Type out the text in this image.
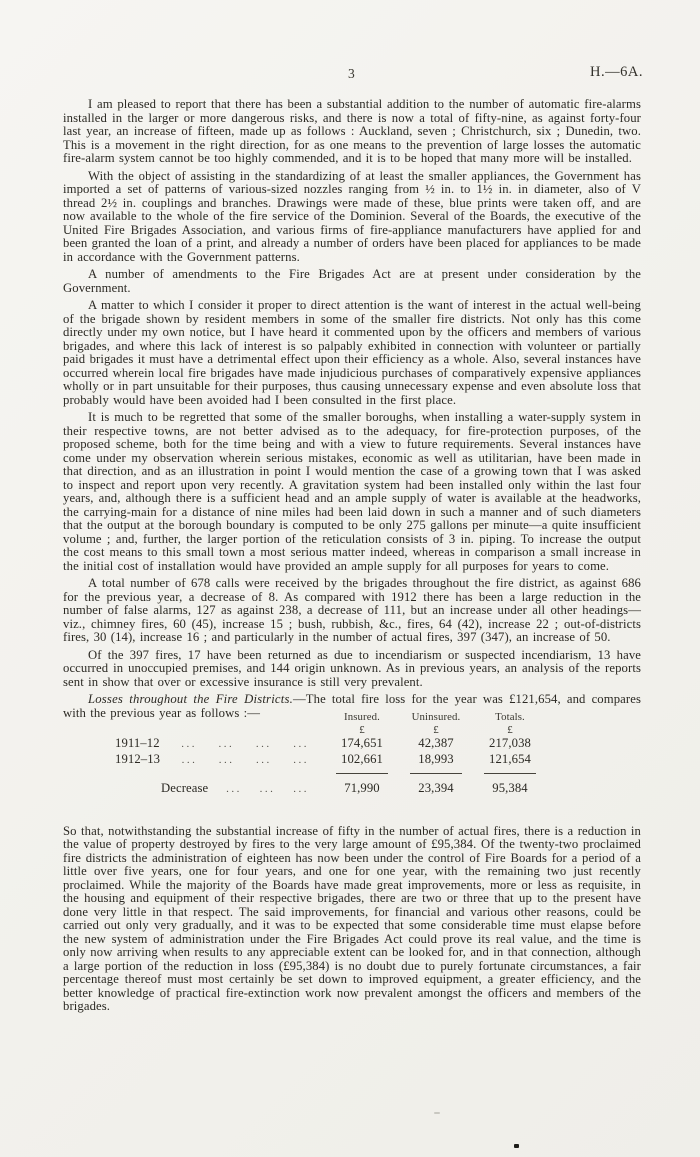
3	H.—6A.

I am pleased to report that there has been a substantial addition to the number of automatic fire-alarms installed in the larger or more dangerous risks, and there is now a total of fifty-nine, as against forty-four last year, an increase of fifteen, made up as follows : Auckland, seven ; Christchurch, six ; Dunedin, two. This is a movement in the right direction, for as one means to the prevention of large losses the automatic fire-alarm system cannot be too highly commended, and it is to be hoped that many more will be installed.

With the object of assisting in the standardizing of at least the smaller appliances, the Government has imported a set of patterns of various-sized nozzles ranging from ½ in. to 1½ in. in diameter, also of V thread 2½ in. couplings and branches. Drawings were made of these, blue prints were taken off, and are now available to the whole of the fire service of the Dominion. Several of the Boards, the executive of the United Fire Brigades Association, and various firms of fire-appliance manufacturers have applied for and been granted the loan of a print, and already a number of orders have been placed for appliances to be made in accordance with the Government patterns.

A number of amendments to the Fire Brigades Act are at present under consideration by the Government.

A matter to which I consider it proper to direct attention is the want of interest in the actual well-being of the brigade shown by resident members in some of the smaller fire districts. Not only has this come directly under my own notice, but I have heard it commented upon by the officers and members of various brigades, and where this lack of interest is so palpably exhibited in connection with volunteer or partially paid brigades it must have a detrimental effect upon their efficiency as a whole. Also, several instances have occurred wherein local fire brigades have made injudicious purchases of comparatively expensive appliances wholly or in part unsuitable for their purposes, thus causing unnecessary expense and even absolute loss that probably would have been avoided had I been consulted in the first place.

It is much to be regretted that some of the smaller boroughs, when installing a water-supply system in their respective towns, are not better advised as to the adequacy, for fire-protection purposes, of the proposed scheme, both for the time being and with a view to future requirements. Several instances have come under my observation wherein serious mistakes, economic as well as utilitarian, have been made in that direction, and as an illustration in point I would mention the case of a growing town that I was asked to inspect and report upon very recently. A gravitation system had been installed only within the last four years, and, although there is a sufficient head and an ample supply of water is available at the headworks, the carrying-main for a distance of nine miles had been laid down in such a manner and of such diameters that the output at the borough boundary is computed to be only 275 gallons per minute—a quite insufficient volume ; and, further, the larger portion of the reticulation consists of 3 in. piping. To increase the output the cost means to this small town a most serious matter indeed, whereas in comparison a small increase in the initial cost of installation would have provided an ample supply for all purposes for years to come.

A total number of 678 calls were received by the brigades throughout the fire district, as against 686 for the previous year, a decrease of 8. As compared with 1912 there has been a large reduction in the number of false alarms, 127 as against 238, a decrease of 111, but an increase under all other headings—viz., chimney fires, 60 (45), increase 15 ; bush, rubbish, &c., fires, 64 (42), increase 22 ; out-of-districts fires, 30 (14), increase 16 ; and particularly in the number of actual fires, 397 (347), an increase of 50.

Of the 397 fires, 17 have been returned as due to incendiarism or suspected incendiarism, 13 have occurred in unoccupied premises, and 144 origin unknown. As in previous years, an analysis of the reports sent in show that over or excessive insurance is still very prevalent.

Losses throughout the Fire Districts.—The total fire loss for the year was £121,654, and compares with the previous year as follows :—	Insured.	Uninsured.	Totals.
£	£	£
1911–12 ... ... ... ...	174,651	42,387	217,038
1912–13 ... ... ... ...	102,661	18,993	121,654
Decrease ... ... ...	71,990	23,394	95,384

So that, notwithstanding the substantial increase of fifty in the number of actual fires, there is a reduction in the value of property destroyed by fires to the very large amount of £95,384. Of the twenty-two proclaimed fire districts the administration of eighteen has now been under the control of Fire Boards for a period of a little over five years, one for four years, and one for one year, with the remaining two just recently proclaimed. While the majority of the Boards have made great improvements, more or less as requisite, in the housing and equipment of their respective brigades, there are two or three that up to the present have done very little in that respect. The said improvements, for financial and various other reasons, could be carried out only very gradually, and it was to be expected that some considerable time must elapse before the new system of administration under the Fire Brigades Act could prove its real value, and the time is only now arriving when results to any appreciable extent can be looked for, and in that connection, although a large portion of the reduction in loss (£95,384) is no doubt due to purely fortunate circumstances, a fair percentage thereof must most certainly be set down to improved equipment, a greater efficiency, and the better knowledge of practical fire-extinction work now prevalent amongst the officers and members of the brigades.
